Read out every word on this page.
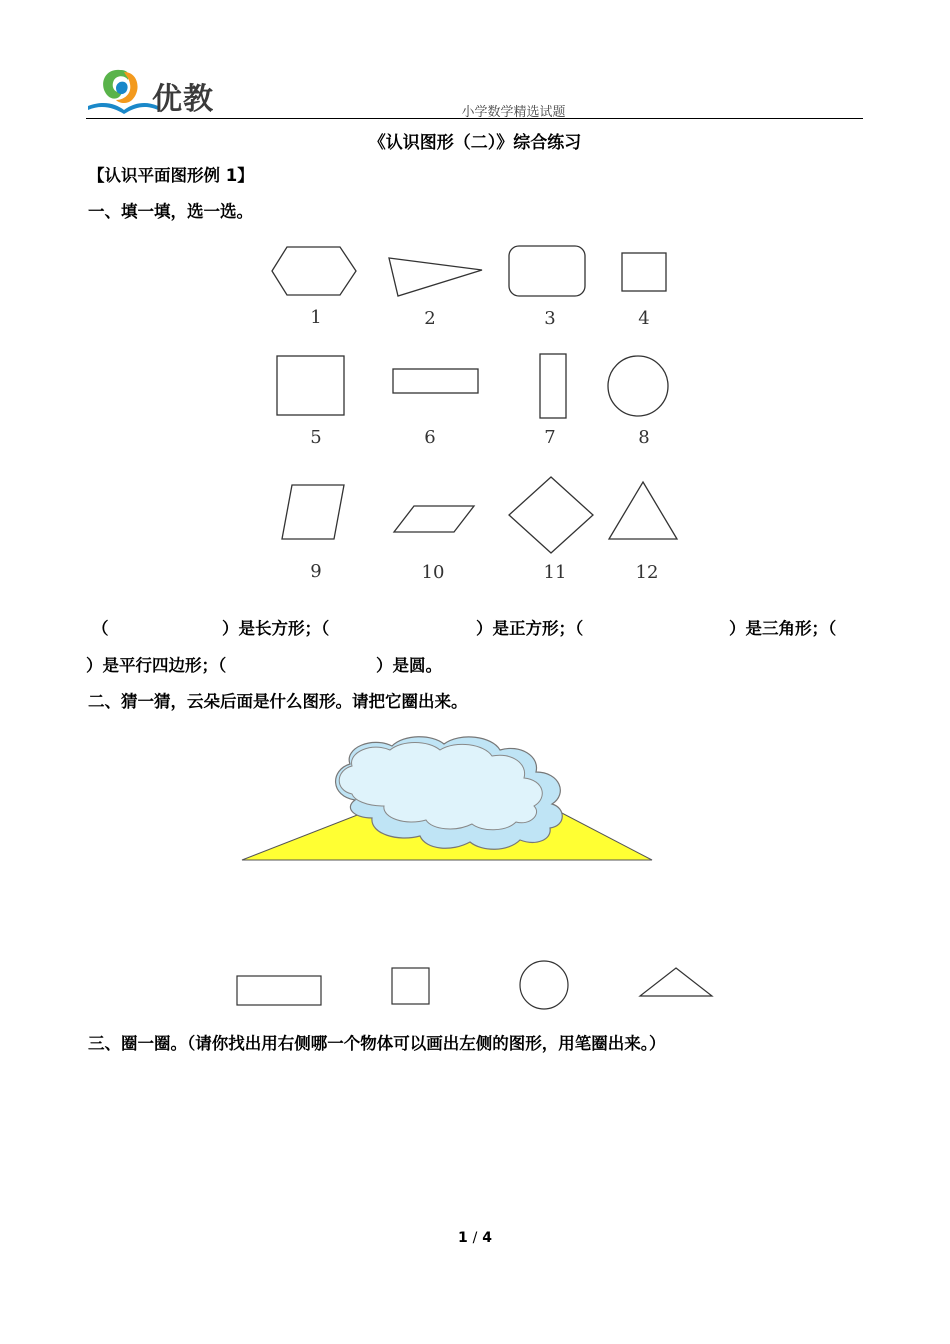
优教	小学数学精选试题
《认识图形（二）》综合练习
【认识平面图形例 1】
一、填一填，选一选。
1	2	3	4
5	6	7	8
9	10	11	12
（	）是长方形；（	）是正方形；（	）是三角形；（
）是平行四边形；（	）是圆。
二、猜一猜，云朵后面是什么图形。请把它圈出来。
三、圈一圈。（请你找出用右侧哪一个物体可以画出左侧的图形，用笔圈出来。）
1 / 4
